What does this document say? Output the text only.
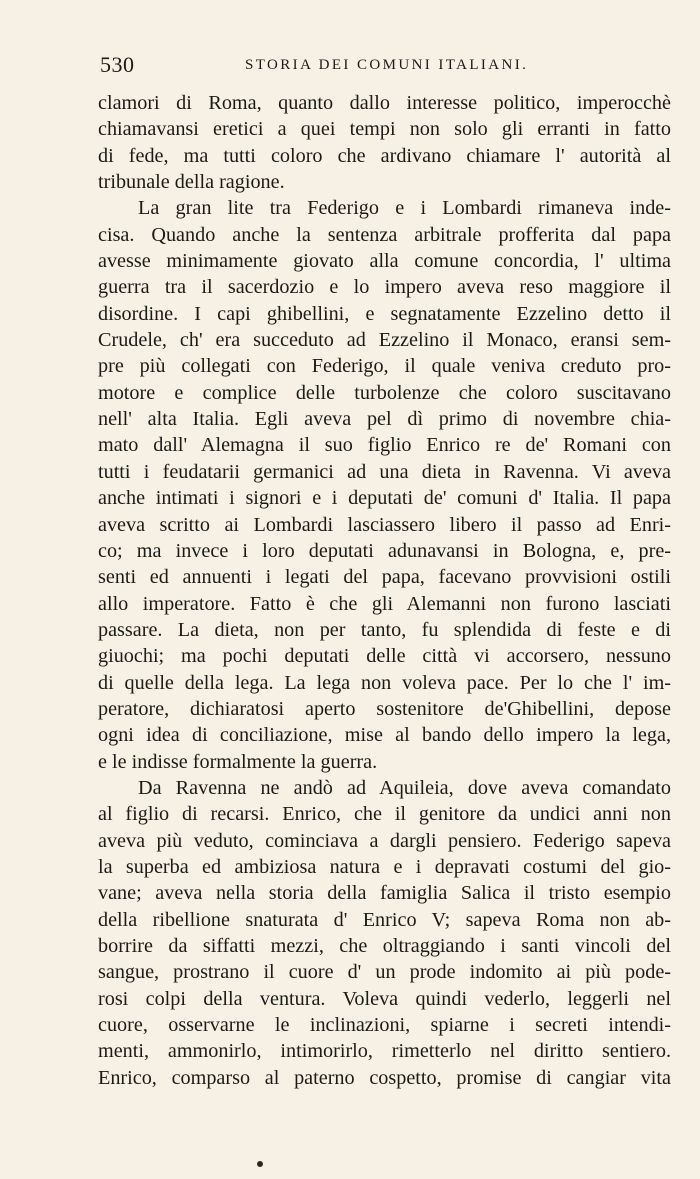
530	STORIA DEI COMUNI ITALIANI.

clamori di Roma, quanto dallo interesse politico, imperocchè

chiamavansi eretici a quei tempi non solo gli erranti in fatto

di fede, ma tutti coloro che ardivano chiamare l' autorità al

tribunale della ragione.

La gran lite tra Federigo e i Lombardi rimaneva inde-

cisa. Quando anche la sentenza arbitrale profferita dal papa

avesse minimamente giovato alla comune concordia, l' ultima

guerra tra il sacerdozio e lo impero aveva reso maggiore il

disordine. I capi ghibellini, e segnatamente Ezzelino detto il

Crudele, ch' era succeduto ad Ezzelino il Monaco, eransi sem-

pre più collegati con Federigo, il quale veniva creduto pro-

motore e complice delle turbolenze che coloro suscitavano

nell' alta Italia. Egli aveva pel dì primo di novembre chia-

mato dall' Alemagna il suo figlio Enrico re de' Romani con

tutti i feudatarii germanici ad una dieta in Ravenna. Vi aveva

anche intimati i signori e i deputati de' comuni d' Italia. Il papa

aveva scritto ai Lombardi lasciassero libero il passo ad Enri-

co; ma invece i loro deputati adunavansi in Bologna, e, pre-

senti ed annuenti i legati del papa, facevano provvisioni ostili

allo imperatore. Fatto è che gli Alemanni non furono lasciati

passare. La dieta, non per tanto, fu splendida di feste e di

giuochi; ma pochi deputati delle città vi accorsero, nessuno

di quelle della lega. La lega non voleva pace. Per lo che l' im-

peratore, dichiaratosi aperto sostenitore de'Ghibellini, depose

ogni idea di conciliazione, mise al bando dello impero la lega,

e le indisse formalmente la guerra.

Da Ravenna ne andò ad Aquileia, dove aveva comandato

al figlio di recarsi. Enrico, che il genitore da undici anni non

aveva più veduto, cominciava a dargli pensiero. Federigo sapeva

la superba ed ambiziosa natura e i depravati costumi del gio-

vane; aveva nella storia della famiglia Salica il tristo esempio

della ribellione snaturata d' Enrico V; sapeva Roma non ab-

borrire da siffatti mezzi, che oltraggiando i santi vincoli del

sangue, prostrano il cuore d' un prode indomito ai più pode-

rosi colpi della ventura. Voleva quindi vederlo, leggerli nel

cuore, osservarne le inclinazioni, spiarne i secreti intendi-

menti, ammonirlo, intimorirlo, rimetterlo nel diritto sentiero.

Enrico, comparso al paterno cospetto, promise di cangiar vita
